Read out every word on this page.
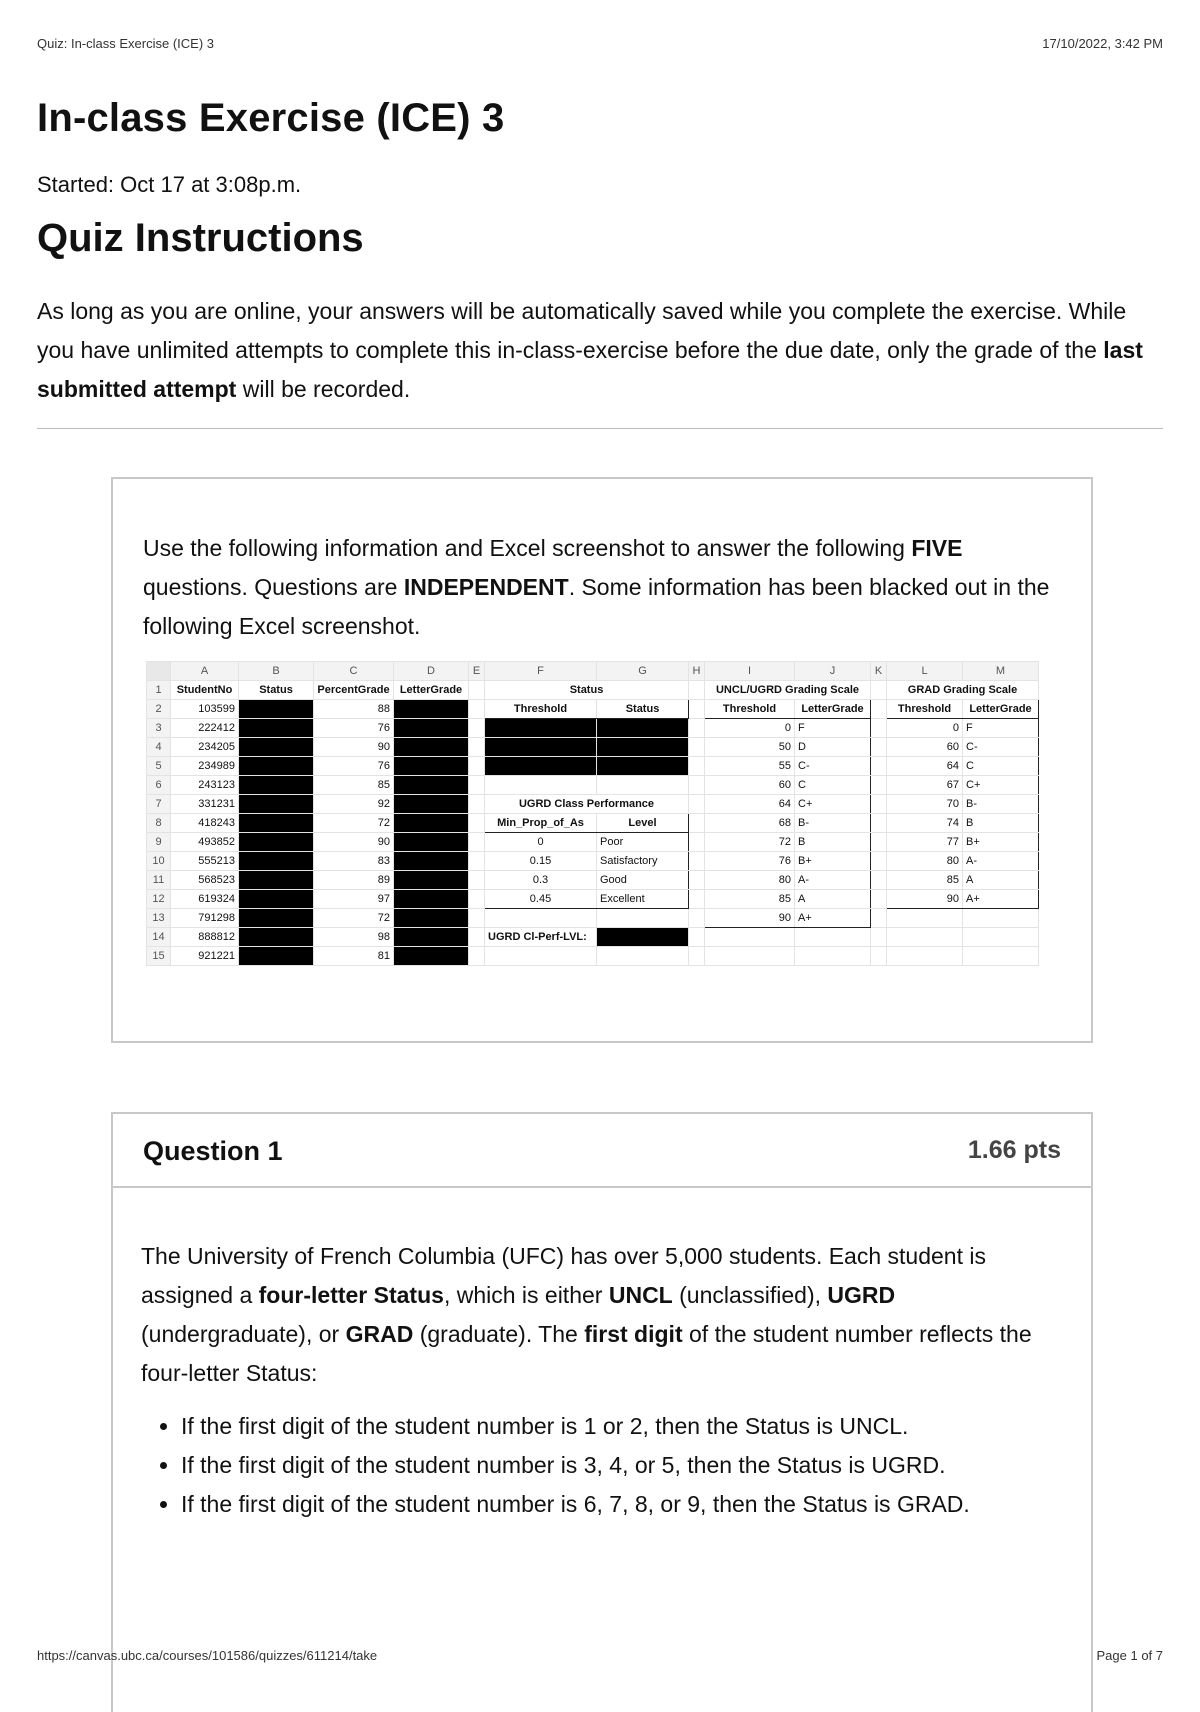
Quiz: In-class Exercise (ICE) 3	17/10/2022, 3:42 PM
In-class Exercise (ICE) 3
Started: Oct 17 at 3:08p.m.
Quiz Instructions
As long as you are online, your answers will be automatically saved while you complete the exercise. While you have unlimited attempts to complete this in-class-exercise before the due date, only the grade of the last submitted attempt will be recorded.
Use the following information and Excel screenshot to answer the following FIVE questions. Questions are INDEPENDENT. Some information has been blacked out in the following Excel screenshot.
	A	B	C	D	E	F	G	H	I	J	K	L	M
1	StudentNo	Status	PercentGrade	LetterGrade		Status			UNCL/UGRD Grading Scale			GRAD Grading Scale	
2	103599		88			Threshold	Status		Threshold	LetterGrade		Threshold	LetterGrade
3	222412		76						0	F		0	F
4	234205		90						50	D		60	C-
5	234989		76						55	C-		64	C
6	243123		85						60	C		67	C+
7	331231		92			UGRD Class Performance			64	C+		70	B-
8	418243		72			Min_Prop_of_As	Level		68	B-		74	B
9	493852		90			0	Poor		72	B		77	B+
10	555213		83			0.15	Satisfactory		76	B+		80	A-
11	568523		89			0.3	Good		80	A-		85	A
12	619324		97			0.45	Excellent		85	A		90	A+
13	791298		72						90	A+			
14	888812		98			UGRD Cl-Perf-LVL:							
15	921221		81										
Question 1	1.66 pts
The University of French Columbia (UFC) has over 5,000 students. Each student is assigned a four-letter Status, which is either UNCL (unclassified), UGRD (undergraduate), or GRAD (graduate). The first digit of the student number reflects the four-letter Status:
• If the first digit of the student number is 1 or 2, then the Status is UNCL.
• If the first digit of the student number is 3, 4, or 5, then the Status is UGRD.
• If the first digit of the student number is 6, 7, 8, or 9, then the Status is GRAD.
https://canvas.ubc.ca/courses/101586/quizzes/611214/take	Page 1 of 7
